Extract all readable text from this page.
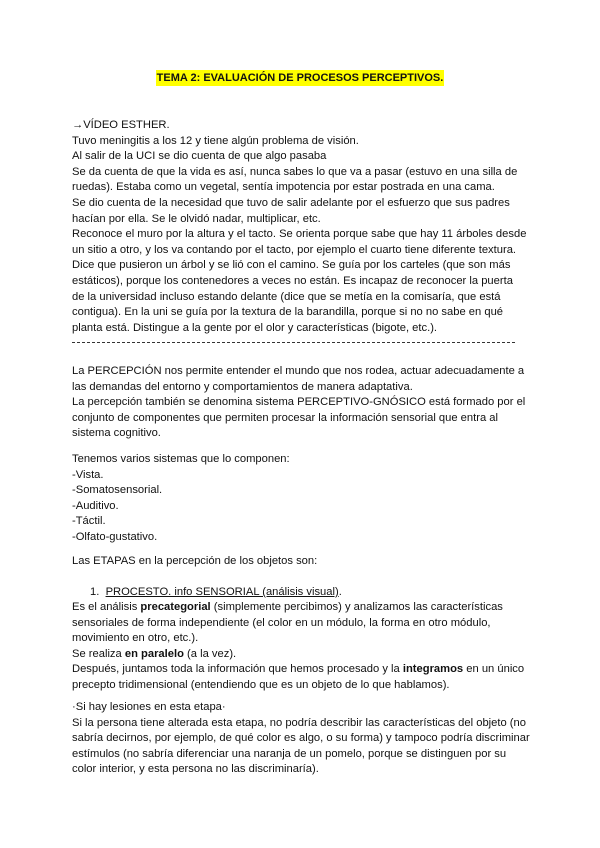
TEMA 2: EVALUACIÓN DE PROCESOS PERCEPTIVOS.
→VÍDEO ESTHER.
Tuvo meningitis a los 12 y tiene algún problema de visión.
Al salir de la UCI se dio cuenta de que algo pasaba
Se da cuenta de que la vida es así, nunca sabes lo que va a pasar (estuvo en una silla de
ruedas). Estaba como un vegetal, sentía impotencia por estar postrada en una cama.
Se dio cuenta de la necesidad que tuvo de salir adelante por el esfuerzo que sus padres
hacían por ella. Se le olvidó nadar, multiplicar, etc.
Reconoce el muro por la altura y el tacto. Se orienta porque sabe que hay 11 árboles desde
un sitio a otro, y los va contando por el tacto, por ejemplo el cuarto tiene diferente textura.
Dice que pusieron un árbol y se lió con el camino. Se guía por los carteles (que son más
estáticos), porque los contenedores a veces no están. Es incapaz de reconocer la puerta
de la universidad incluso estando delante (dice que se metía en la comisaría, que está
contigua). En la uni se guía por la textura de la barandilla, porque si no no sabe en qué
planta está. Distingue a la gente por el olor y características (bigote, etc.).
La PERCEPCIÓN nos permite entender el mundo que nos rodea, actuar adecuadamente a
las demandas del entorno y comportamientos de manera adaptativa.
La percepción también se denomina sistema PERCEPTIVO-GNÓSICO está formado por el
conjunto de componentes que permiten procesar la información sensorial que entra al
sistema cognitivo.
Tenemos varios sistemas que lo componen:
-Vista.
-Somatosensorial.
-Auditivo.
-Táctil.
-Olfato-gustativo.
Las ETAPAS en la percepción de los objetos son:
1. PROCESTO. info SENSORIAL (análisis visual).
Es el análisis precategorial (simplemente percibimos) y analizamos las características
sensoriales de forma independiente (el color en un módulo, la forma en otro módulo,
movimiento en otro, etc.).
Se realiza en paralelo (a la vez).
Después, juntamos toda la información que hemos procesado y la integramos en un único
precepto tridimensional (entendiendo que es un objeto de lo que hablamos).
·Si hay lesiones en esta etapa·
Si la persona tiene alterada esta etapa, no podría describir las características del objeto (no
sabría decirnos, por ejemplo, de qué color es algo, o su forma) y tampoco podría discriminar
estímulos (no sabría diferenciar una naranja de un pomelo, porque se distinguen por su
color interior, y esta persona no las discriminaría).
